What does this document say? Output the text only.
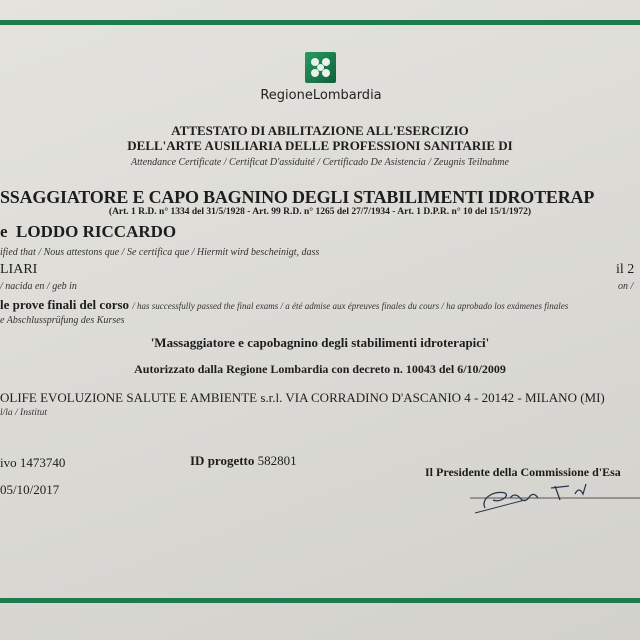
RegioneLombardia
ATTESTATO DI ABILITAZIONE ALL'ESERCIZIO
DELL'ARTE AUSILIARIA DELLE PROFESSIONI SANITARIE DI
Attendance Certificate / Certificat D'assiduité / Certificado De Asistencia / Zeugnis Teilnahme
SSAGGIATORE E CAPO BAGNINO DEGLI STABILIMENTI IDROTERAP
(Art. 1 R.D. n° 1334 del 31/5/1928 - Art. 99 R.D. n° 1265 del 27/7/1934 - Art. 1 D.P.R. n° 10 del 15/1/1972)
e LODDO RICCARDO
ified that / Nous attestons que / Se certifica que / Hiermit wird bescheinigt, dass
LIARI
/ nacida en / geb in
il 2
on /
le prove finali del corso / has successfully passed the final exams / a été admise aux épreuves finales du cours / ha aprobado los exámenes finales
e Abschlussprüfung des Kurses
'Massaggiatore e capobagnino degli stabilimenti idroterapici'
Autorizzato dalla Regione Lombardia con decreto n. 10043 del 6/10/2009
OLIFE EVOLUZIONE SALUTE E AMBIENTE s.r.l. VIA CORRADINO D'ASCANIO 4 - 20142 - MILANO (MI)
l/la / Institut
ivo 1473740	ID progetto 582801
05/10/2017
Il Presidente della Commissione d'Esa
